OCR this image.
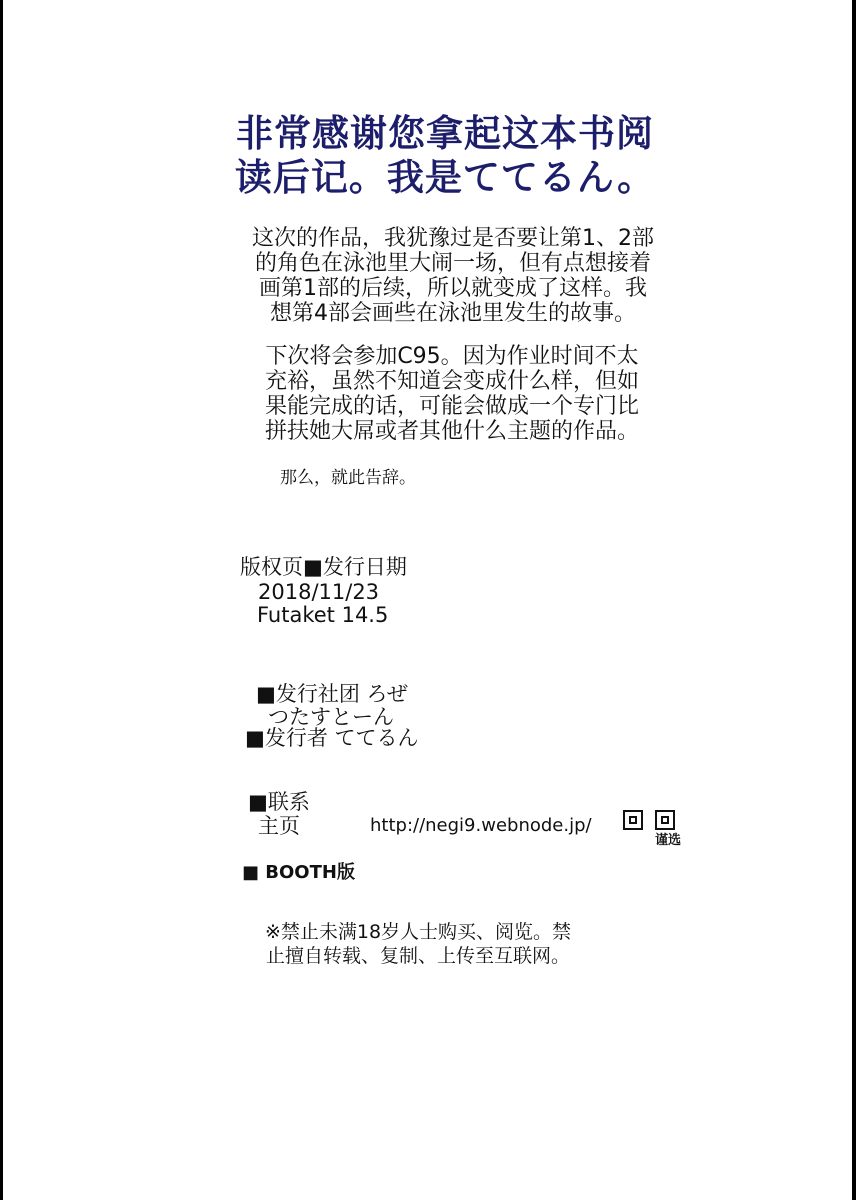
非常感谢您拿起这本书阅
读后记。我是ててるん。
这次的作品，我犹豫过是否要让第1、2部
的角色在泳池里大闹一场，但有点想接着
画第1部的后续，所以就变成了这样。我
想第4部会画些在泳池里发生的故事。
下次将会参加C95。因为作业时间不太
充裕，虽然不知道会变成什么样，但如
果能完成的话，可能会做成一个专门比
拼扶她大屌或者其他什么主题的作品。
那么，就此告辞。
版权页■发行日期
2018/11/23
Futaket 14.5
■发行社团 ろぜ
つたすとーん
■发行者 ててるん
■联系
主页	http://negi9.webnode.jp/
谨选
■ BOOTH版
※禁止未满18岁人士购买、阅览。禁
止擅自转载、复制、上传至互联网。
